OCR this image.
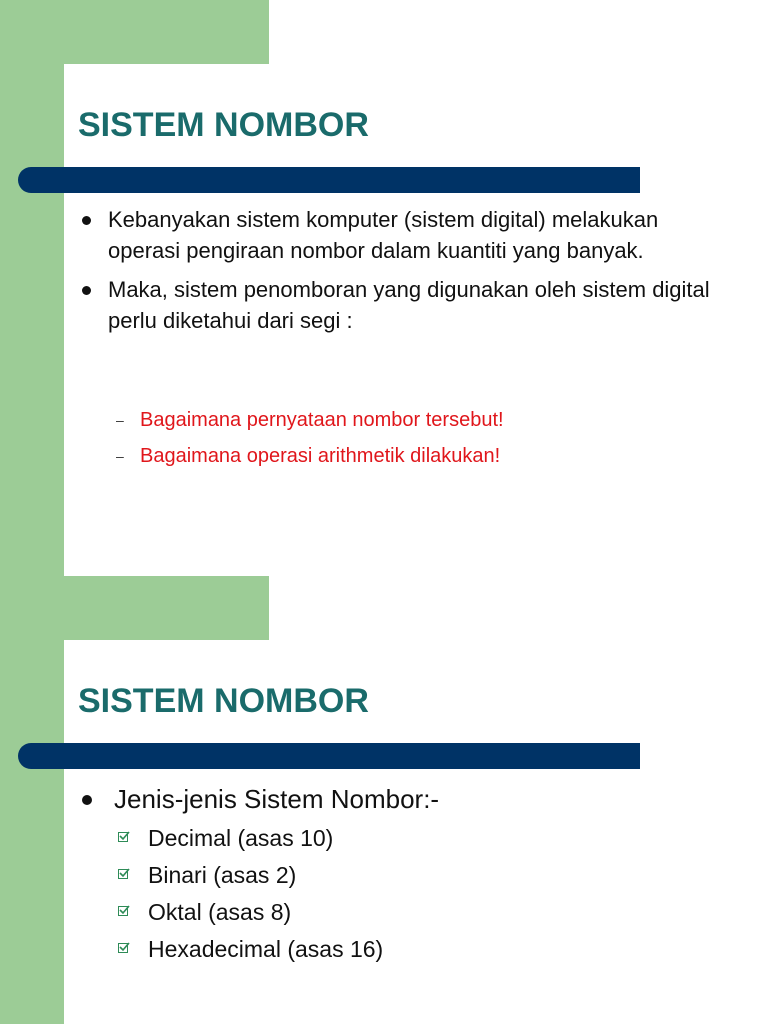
SISTEM NOMBOR
Kebanyakan sistem komputer (sistem digital) melakukan operasi pengiraan nombor dalam kuantiti yang banyak.
Maka, sistem penomboran yang digunakan oleh sistem digital perlu diketahui dari segi :
– Bagaimana pernyataan nombor tersebut!
– Bagaimana operasi arithmetik dilakukan!
SISTEM NOMBOR
Jenis-jenis Sistem Nombor:-
Decimal (asas 10)
Binari (asas 2)
Oktal (asas 8)
Hexadecimal (asas 16)
